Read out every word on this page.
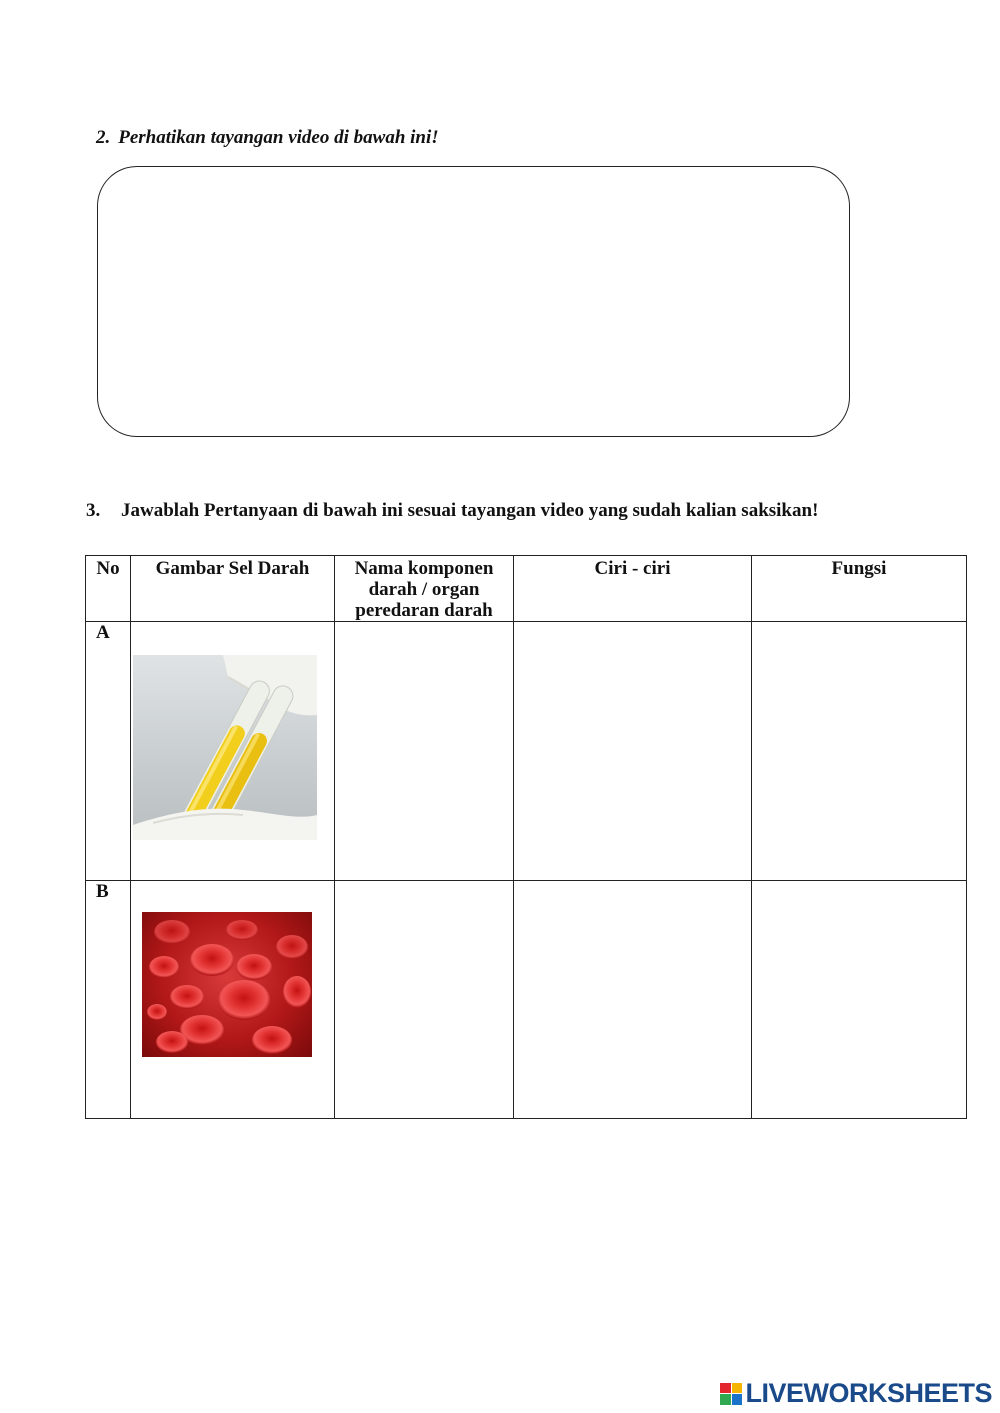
2. Perhatikan tayangan video di bawah ini!
3. Jawablah Pertanyaan di bawah ini sesuai tayangan video yang sudah kalian saksikan!
No	Gambar Sel Darah	Nama komponen darah / organ peredaran darah	Ciri - ciri	Fungsi
A	

B	

LIVEWORKSHEETS
